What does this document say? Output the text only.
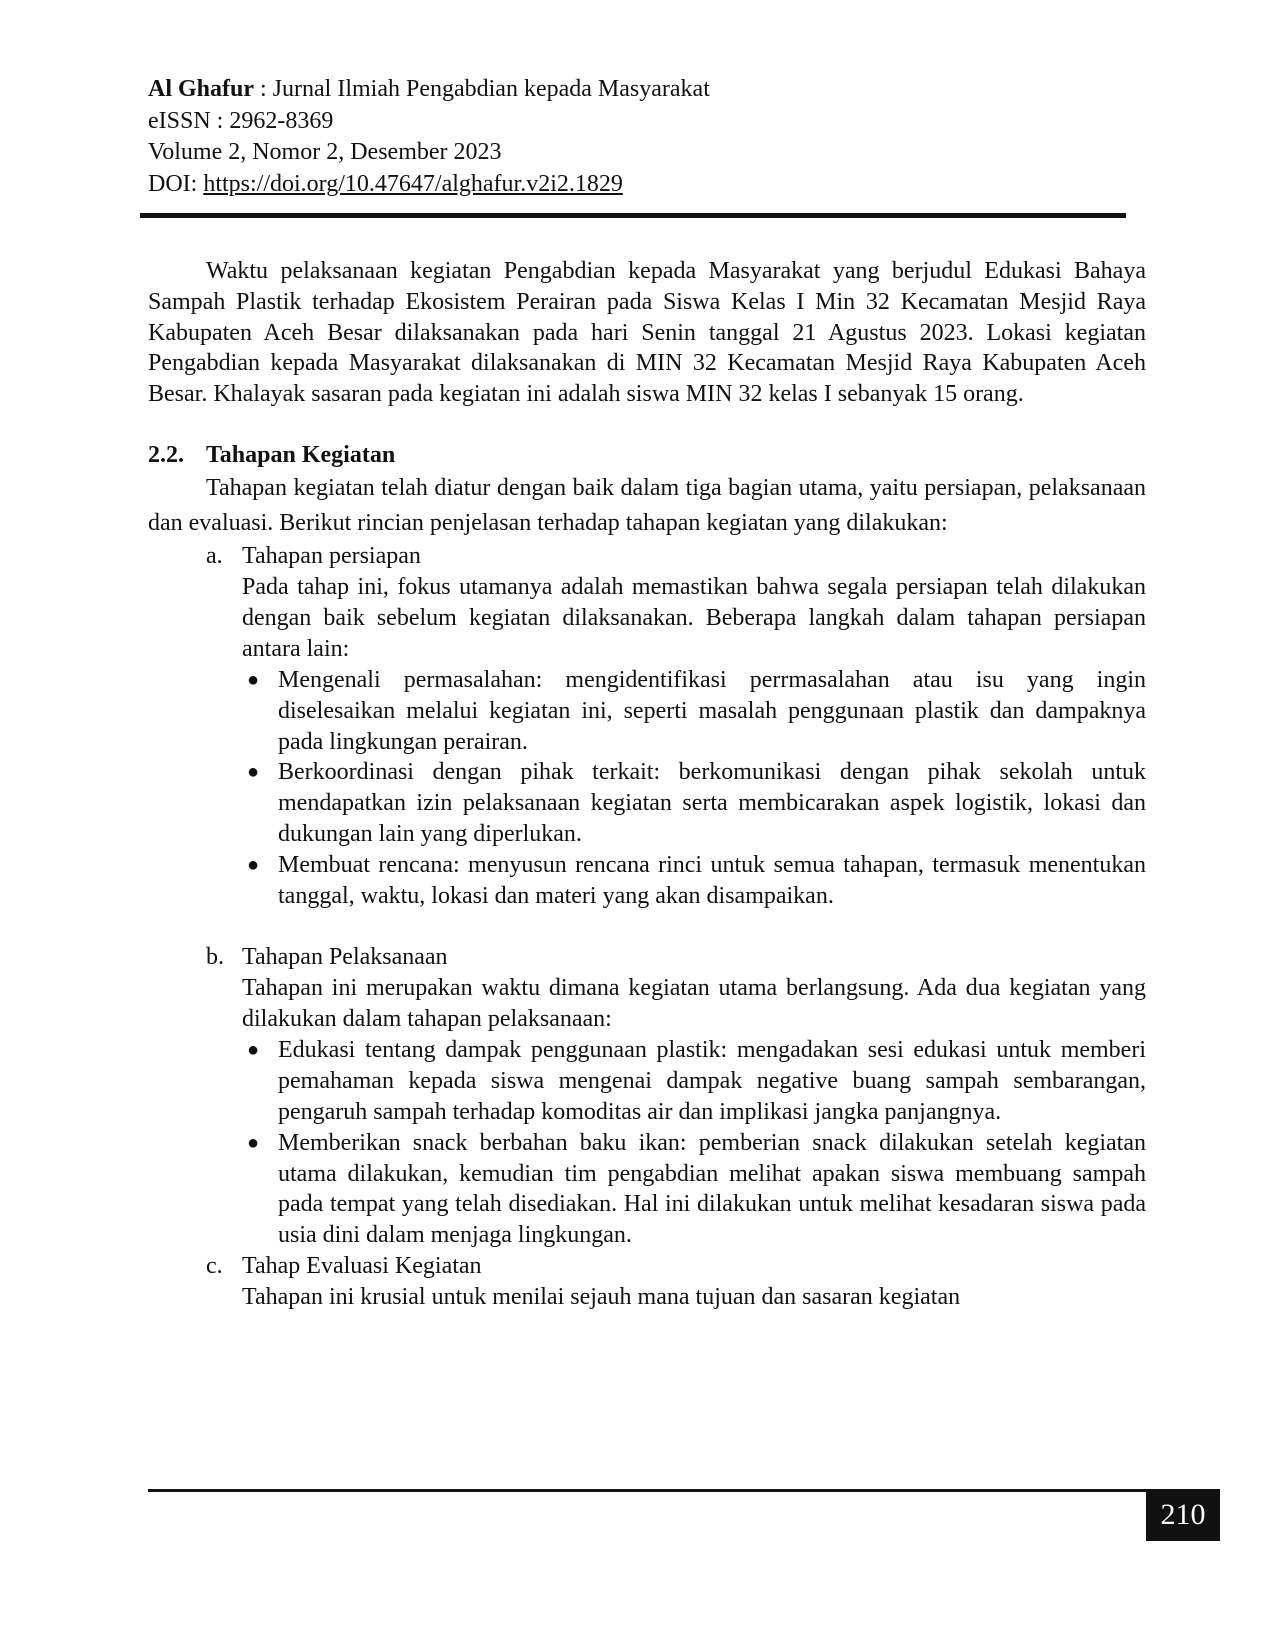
Al Ghafur : Jurnal Ilmiah Pengabdian kepada Masyarakat
eISSN : 2962-8369
Volume 2, Nomor 2, Desember 2023
DOI: https://doi.org/10.47647/alghafur.v2i2.1829

Waktu pelaksanaan kegiatan Pengabdian kepada Masyarakat yang berjudul Edukasi Bahaya Sampah Plastik terhadap Ekosistem Perairan pada Siswa Kelas I Min 32 Kecamatan Mesjid Raya Kabupaten Aceh Besar dilaksanakan pada hari Senin tanggal 21 Agustus 2023. Lokasi kegiatan Pengabdian kepada Masyarakat dilaksanakan di MIN 32 Kecamatan Mesjid Raya Kabupaten Aceh Besar. Khalayak sasaran pada kegiatan ini adalah siswa MIN 32 kelas I sebanyak 15 orang.

2.2. Tahapan Kegiatan

Tahapan kegiatan telah diatur dengan baik dalam tiga bagian utama, yaitu persiapan, pelaksanaan dan evaluasi. Berikut rincian penjelasan terhadap tahapan kegiatan yang dilakukan:

a. Tahapan persiapan

Pada tahap ini, fokus utamanya adalah memastikan bahwa segala persiapan telah dilakukan dengan baik sebelum kegiatan dilaksanakan. Beberapa langkah dalam tahapan persiapan antara lain:

● Mengenali permasalahan: mengidentifikasi perrmasalahan atau isu yang ingin diselesaikan melalui kegiatan ini, seperti masalah penggunaan plastik dan dampaknya pada lingkungan perairan.

● Berkoordinasi dengan pihak terkait: berkomunikasi dengan pihak sekolah untuk mendapatkan izin pelaksanaan kegiatan serta membicarakan aspek logistik, lokasi dan dukungan lain yang diperlukan.

● Membuat rencana: menyusun rencana rinci untuk semua tahapan, termasuk menentukan tanggal, waktu, lokasi dan materi yang akan disampaikan.

b. Tahapan Pelaksanaan

Tahapan ini merupakan waktu dimana kegiatan utama berlangsung. Ada dua kegiatan yang dilakukan dalam tahapan pelaksanaan:

● Edukasi tentang dampak penggunaan plastik: mengadakan sesi edukasi untuk memberi pemahaman kepada siswa mengenai dampak negative buang sampah sembarangan, pengaruh sampah terhadap komoditas air dan implikasi jangka panjangnya.

● Memberikan snack berbahan baku ikan: pemberian snack dilakukan setelah kegiatan utama dilakukan, kemudian tim pengabdian melihat apakan siswa membuang sampah pada tempat yang telah disediakan. Hal ini dilakukan untuk melihat kesadaran siswa pada usia dini dalam menjaga lingkungan.

c. Tahap Evaluasi Kegiatan

Tahapan ini krusial untuk menilai sejauh mana tujuan dan sasaran kegiatan

210
